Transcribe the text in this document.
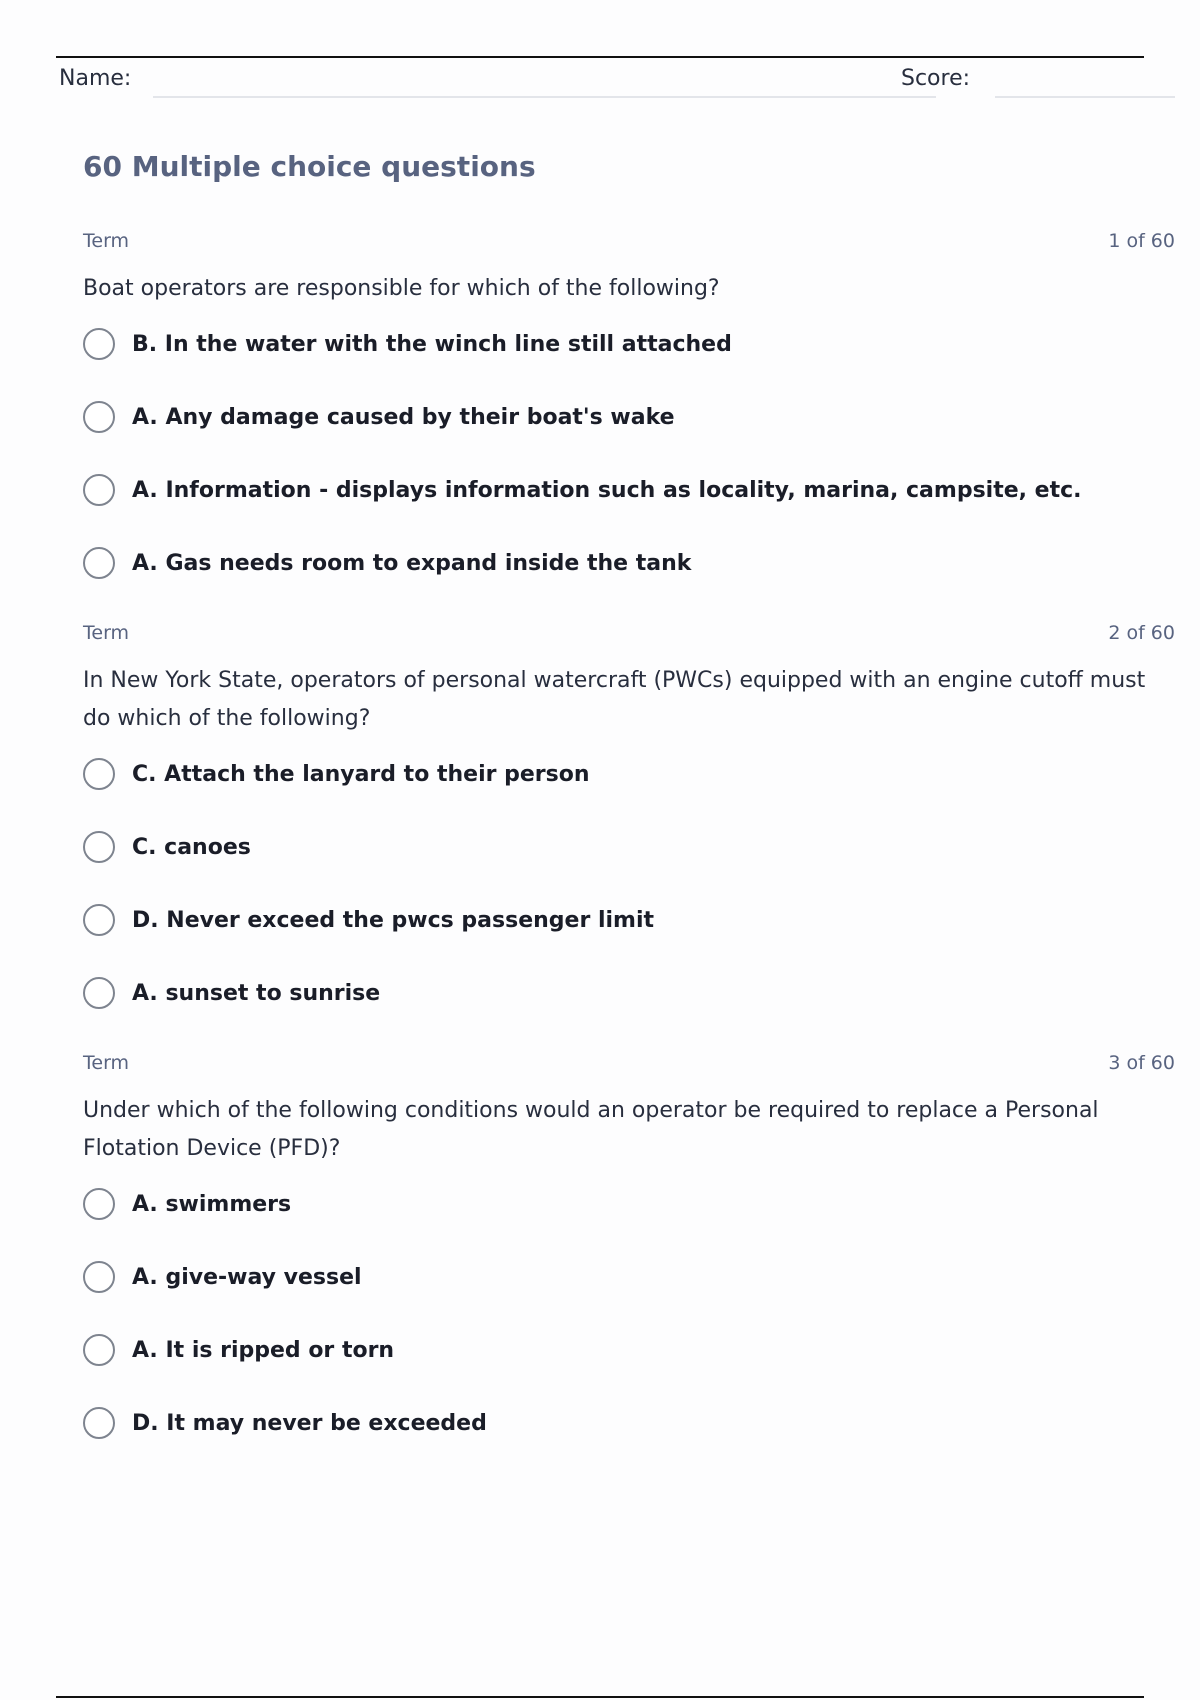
Name:	Score:
60 Multiple choice questions
Term	1 of 60

Boat operators are responsible for which of the following?

B. In the water with the winch line still attached
A. Any damage caused by their boat's wake
A. Information - displays information such as locality, marina, campsite, etc.
A. Gas needs room to expand inside the tank
Term	2 of 60

In New York State, operators of personal watercraft (PWCs) equipped with an engine cutoff must do which of the following?

C. Attach the lanyard to their person
C. canoes
D. Never exceed the pwcs passenger limit
A. sunset to sunrise
Term	3 of 60

Under which of the following conditions would an operator be required to replace a Personal Flotation Device (PFD)?

A. swimmers
A. give-way vessel
A. It is ripped or torn
D. It may never be exceeded
